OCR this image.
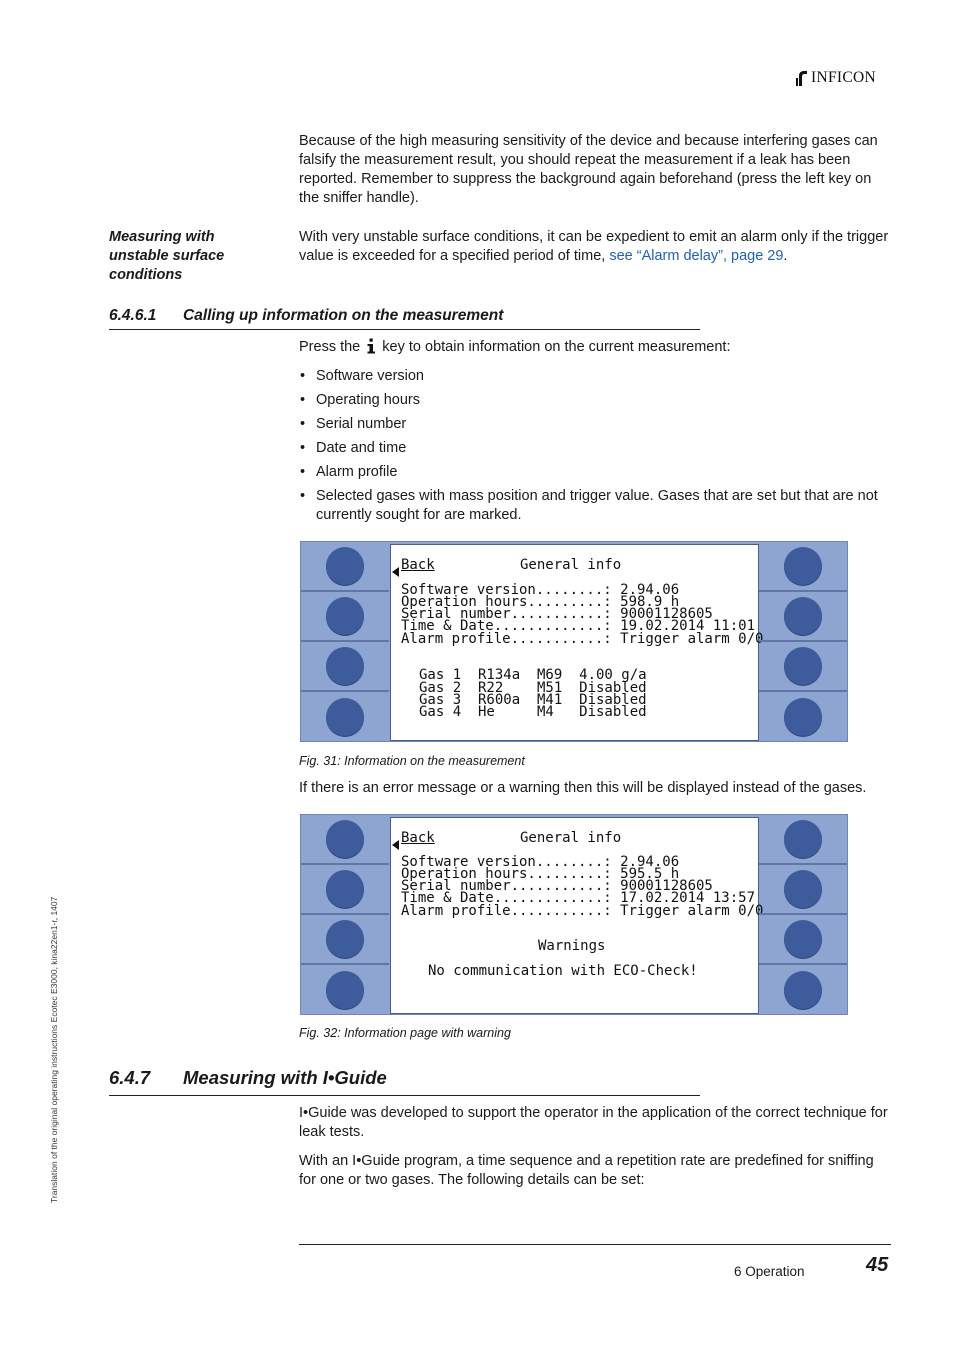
INFICON
Because of the high measuring sensitivity of the device and because interfering gases can falsify the measurement result, you should repeat the measurement if a leak has been reported. Remember to suppress the background again beforehand (press the left key on the sniffer handle).
Measuring with
unstable surface
conditions
With very unstable surface conditions, it can be expedient to emit an alarm only if the trigger value is exceeded for a specified period of time, see “Alarm delay”, page 29.
6.4.6.1 Calling up information on the measurement
Press the  key to obtain information on the current measurement:
• Software version
• Operating hours
• Serial number
• Date and time
• Alarm profile
• Selected gases with mass position and trigger value. Gases that are set but that are not currently sought for are marked.
Back	General info
Software version........: 2.94.06
Operation hours.........: 598.9 h
Serial number...........: 90001128605
Time & Date.............: 19.02.2014 11:01
Alarm profile...........: Trigger alarm 0/0
Gas 1  R134a  M69  4.00 g/a
Gas 2  R22    M51  Disabled
Gas 3  R600a  M41  Disabled
Gas 4  He     M4   Disabled
Fig. 31: Information on the measurement
If there is an error message or a warning then this will be displayed instead of the gases.
Back	General info
Software version........: 2.94.06
Operation hours.........: 595.5 h
Serial number...........: 90001128605
Time & Date.............: 17.02.2014 13:57
Alarm profile...........: Trigger alarm 0/0
Warnings
No communication with ECO-Check!
Fig. 32: Information page with warning
6.4.7 Measuring with I•Guide
I•Guide was developed to support the operator in the application of the correct technique for leak tests.
With an I•Guide program, a time sequence and a repetition rate are predefined for sniffing for one or two gases. The following details can be set:
6 Operation	45
Translation of the original operating instructions Ecotec E3000, kina22en1-r, 1407
